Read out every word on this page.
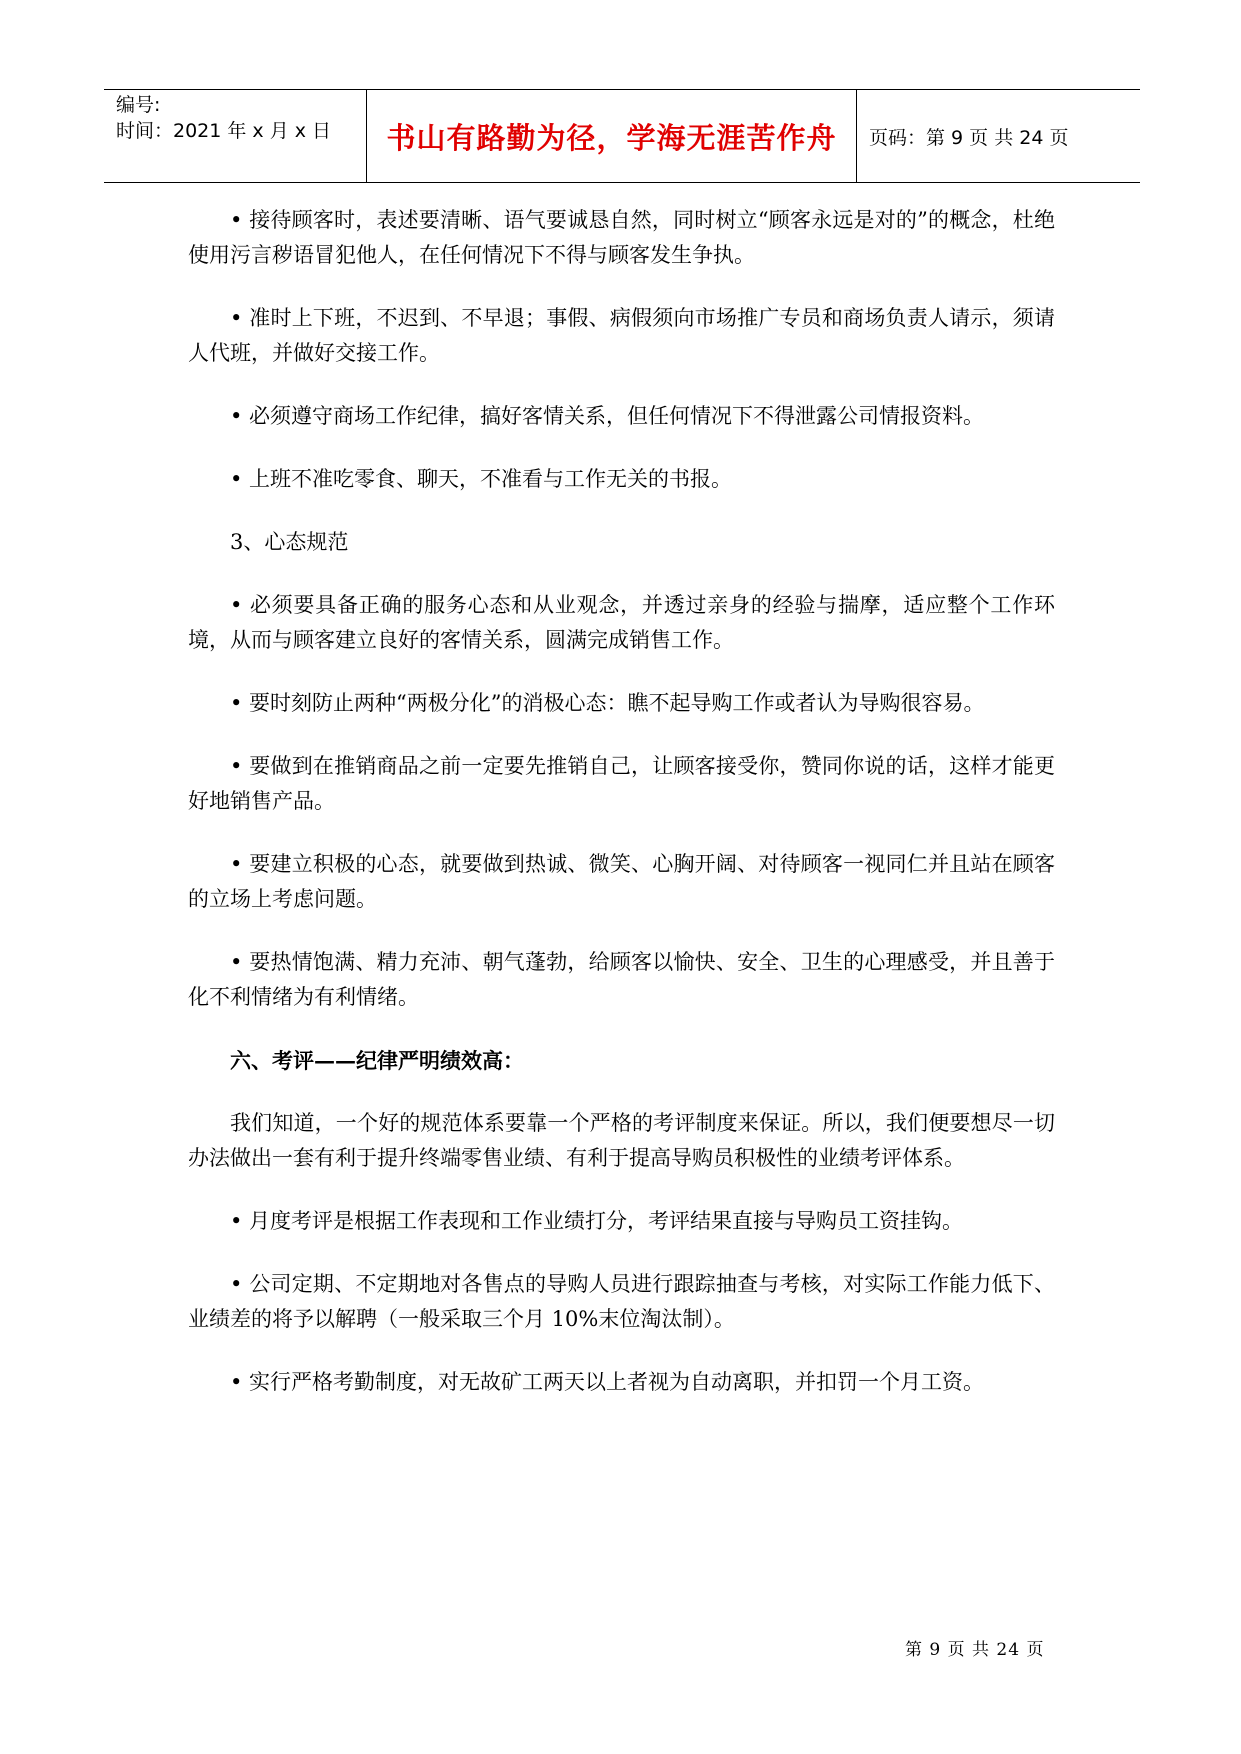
编号:
时间：2021 年 x 月 x 日 书山有路勤为径，学海无涯苦作舟	页码：第 9 页 共 24 页

• 接待顾客时，表述要清晰、语气要诚恳自然，同时树立“顾客永远是对的”的概念，杜绝使用污言秽语冒犯他人，在任何情况下不得与顾客发生争执。

• 准时上下班，不迟到、不早退；事假、病假须向市场推广专员和商场负责人请示，须请人代班，并做好交接工作。

• 必须遵守商场工作纪律，搞好客情关系，但任何情况下不得泄露公司情报资料。

• 上班不准吃零食、聊天，不准看与工作无关的书报。

3、心态规范

• 必须要具备正确的服务心态和从业观念，并透过亲身的经验与揣摩，适应整个工作环境，从而与顾客建立良好的客情关系，圆满完成销售工作。

• 要时刻防止两种“两极分化”的消极心态：瞧不起导购工作或者认为导购很容易。

• 要做到在推销商品之前一定要先推销自己，让顾客接受你，赞同你说的话，这样才能更好地销售产品。

• 要建立积极的心态，就要做到热诚、微笑、心胸开阔、对待顾客一视同仁并且站在顾客的立场上考虑问题。

• 要热情饱满、精力充沛、朝气蓬勃，给顾客以愉快、安全、卫生的心理感受，并且善于化不利情绪为有利情绪。

六、考评——纪律严明绩效高：

我们知道，一个好的规范体系要靠一个严格的考评制度来保证。所以，我们便要想尽一切办法做出一套有利于提升终端零售业绩、有利于提高导购员积极性的业绩考评体系。

• 月度考评是根据工作表现和工作业绩打分，考评结果直接与导购员工资挂钩。

• 公司定期、不定期地对各售点的导购人员进行跟踪抽查与考核，对实际工作能力低下、业绩差的将予以解聘（一般采取三个月 10%末位淘汰制）。

• 实行严格考勤制度，对无故矿工两天以上者视为自动离职，并扣罚一个月工资。

第 9 页 共 24 页
